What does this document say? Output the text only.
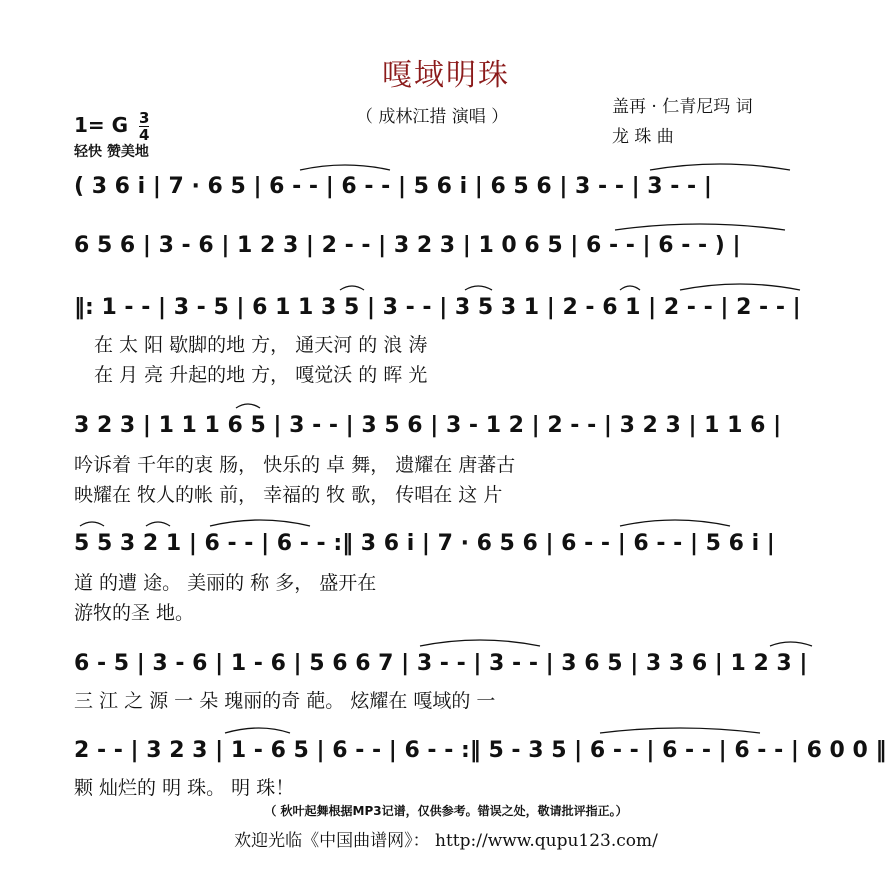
嘎域明珠
（ 成林江措 演唱 ）	盖再 · 仁青尼玛 词
龙 珠 曲
1= G $\frac{3}{4}$
轻快 赞美地
( 3 6 i | 7 · 6 5 | 6 - - | 6 - - | 5 6 i | 6 5 6 | 3 - - | 3 - - |
6 5 6 | 3 - 6 | 1 2 3 | 2 - - | 3 2 3 | 1 0 6 5 | 6 - - | 6 - - ) |
‖: 1 - - | 3 - 5 | 6 1 1 3 5 | 3 - - | 3 5 3 1 | 2 - 6 1 | 2 - - | 2 - - |
在 太 阳 歇脚的地 方， 通天河 的 浪 涛
在 月 亮 升起的地 方， 嘎觉沃 的 晖 光
3 2 3 | 1 1 1 6 5 | 3 - - | 3 5 6 | 3 - 1 2 | 2 - - | 3 2 3 | 1 1 6 |
吟诉着 千年的衷 肠， 快乐的 卓 舞， 遗耀在 唐蕃古
映耀在 牧人的帐 前， 幸福的 牧 歌， 传唱在 这 片
5 5 3 2 1 | 6 - - | 6 - - :‖ 3 6 i | 7 · 6 5 6 | 6 - - | 6 - - | 5 6 i |
道 的遭 途。 美丽的 称 多， 盛开在
游牧的圣 地。
6 - 5 | 3 - 6 | 1 - 6 | 5 6 6 7 | 3 - - | 3 - - | 3 6 5 | 3 3 6 | 1 2 3 |
三 江 之 源 一 朵 瑰丽的奇 葩。 炫耀在 嘎域的 一
2 - - | 3 2 3 | 1 - 6 5 | 6 - - | 6 - - :‖ 5 - 3 5 | 6 - - | 6 - - | 6 - - | 6 0 0 ‖
颗 灿烂的 明 珠。 明 珠！
（ 秋叶起舞根据MP3记谱，仅供参考。错误之处，敬请批评指正。）
欢迎光临《中国曲谱网》： http://www.qupu123.com/
